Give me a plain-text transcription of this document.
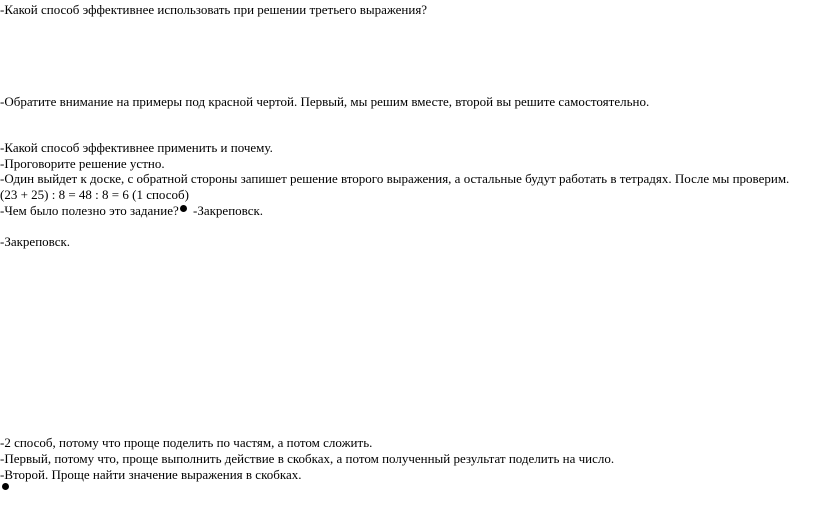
-Какой способ эффективнее использовать при решении третьего выражения?

-Обратите внимание на примеры под красной чертой. Первый, мы решим вместе, второй вы решите самостоятельно.

-Какой способ эффективнее применить и почему.

-Проговорите решение устно.

-Один выйдет к доске, с обратной стороны запишет решение второго выражения, а остальные будут работать в тетрадях. После мы проверим.

(23 + 25) : 8 = 48 : 8 = 6 (1 способ)

-Чем было полезно это задание? -Закреповск.

-Закреповск.

-2 способ, потому что проще поделить по частям, а потом сложить.

-Первый, потому что, проще выполнить действие в скобках, а потом полученный результат поделить на число.

-Второй. Проще найти значение выражения в скобках.
